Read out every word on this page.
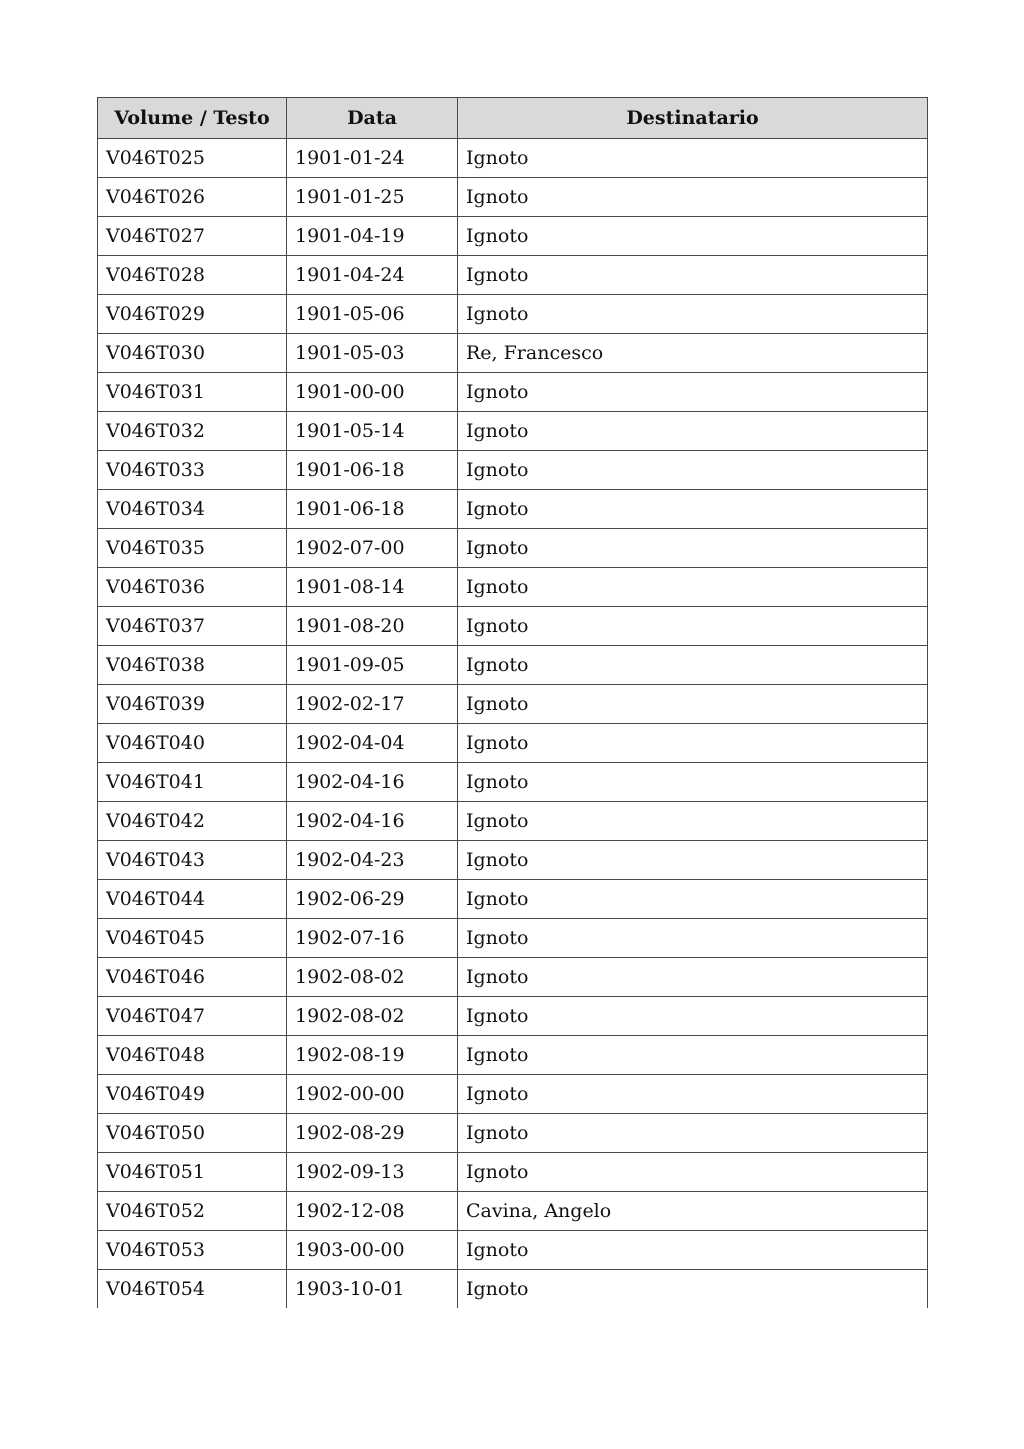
Volume / Testo	Data	Destinatario
V046T025	1901-01-24	Ignoto
V046T026	1901-01-25	Ignoto
V046T027	1901-04-19	Ignoto
V046T028	1901-04-24	Ignoto
V046T029	1901-05-06	Ignoto
V046T030	1901-05-03	Re, Francesco
V046T031	1901-00-00	Ignoto
V046T032	1901-05-14	Ignoto
V046T033	1901-06-18	Ignoto
V046T034	1901-06-18	Ignoto
V046T035	1902-07-00	Ignoto
V046T036	1901-08-14	Ignoto
V046T037	1901-08-20	Ignoto
V046T038	1901-09-05	Ignoto
V046T039	1902-02-17	Ignoto
V046T040	1902-04-04	Ignoto
V046T041	1902-04-16	Ignoto
V046T042	1902-04-16	Ignoto
V046T043	1902-04-23	Ignoto
V046T044	1902-06-29	Ignoto
V046T045	1902-07-16	Ignoto
V046T046	1902-08-02	Ignoto
V046T047	1902-08-02	Ignoto
V046T048	1902-08-19	Ignoto
V046T049	1902-00-00	Ignoto
V046T050	1902-08-29	Ignoto
V046T051	1902-09-13	Ignoto
V046T052	1902-12-08	Cavina, Angelo
V046T053	1903-00-00	Ignoto
V046T054	1903-10-01	Ignoto
